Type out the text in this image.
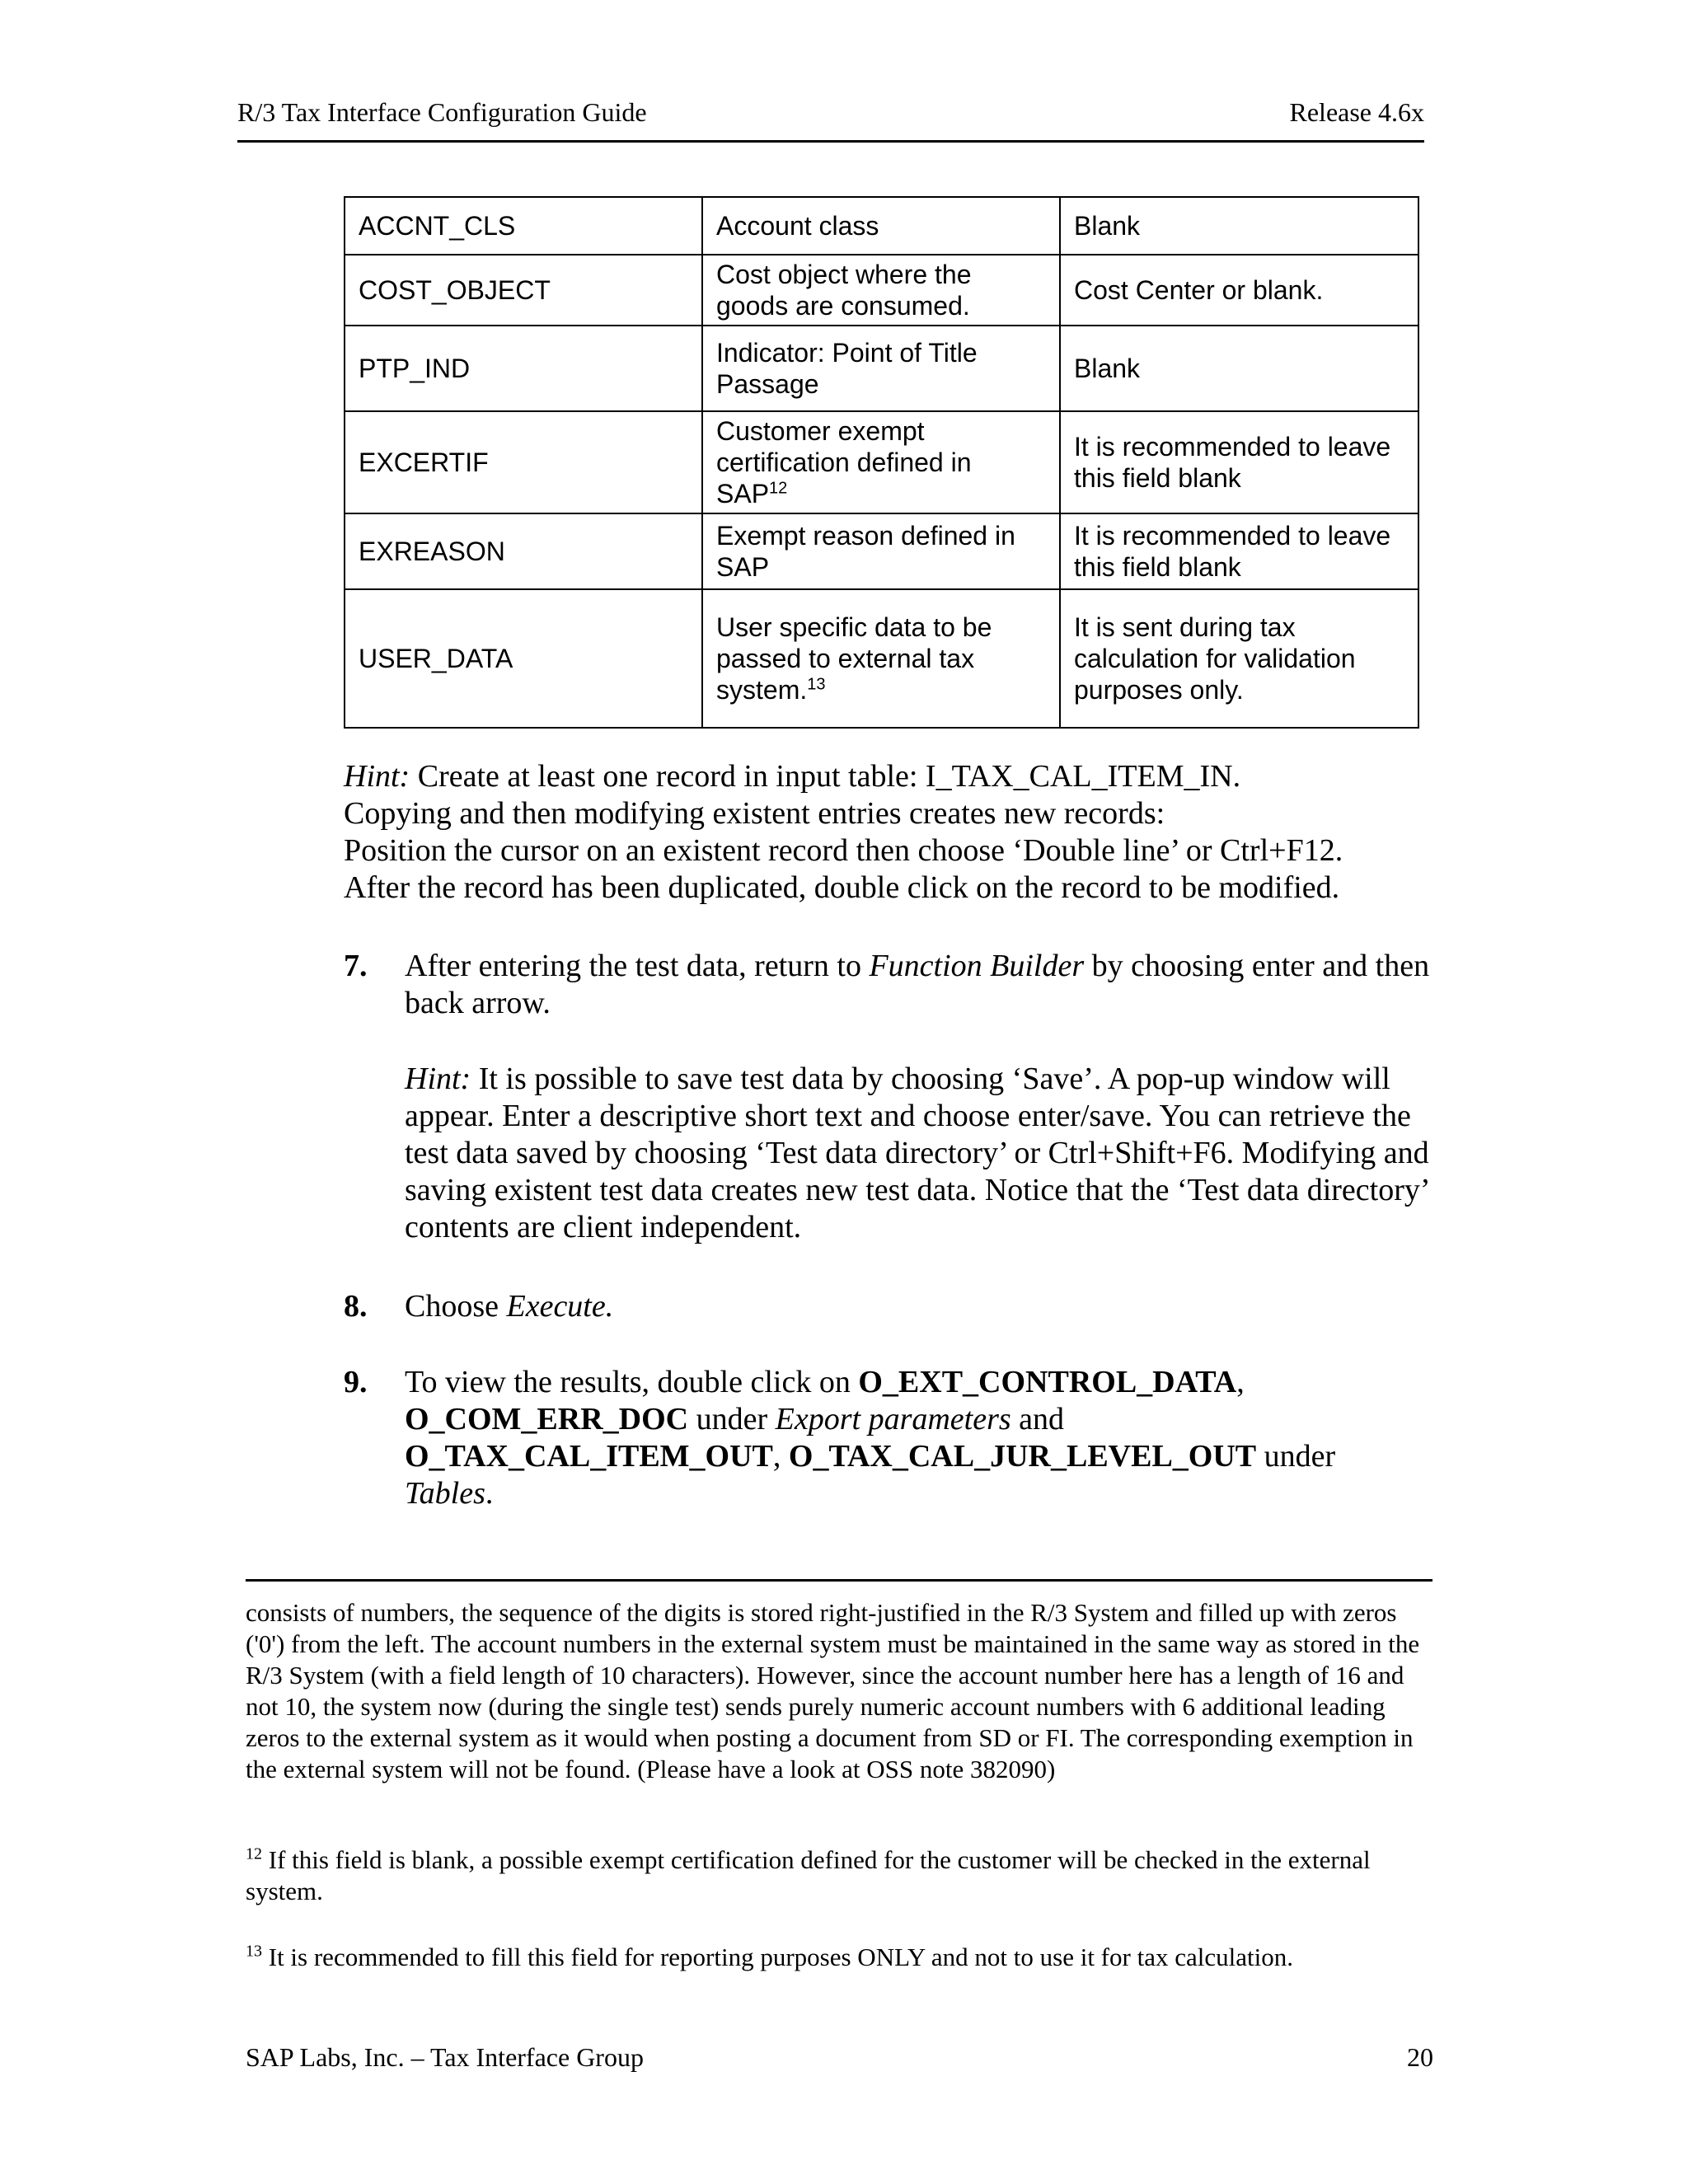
R/3 Tax Interface Configuration Guide	Release 4.6x
ACCNT_CLS	Account class	Blank
COST_OBJECT	Cost object where the goods are consumed.	Cost Center or blank.
PTP_IND	Indicator: Point of Title Passage	Blank
EXCERTIF	Customer exempt certification defined in SAP$^{12}$	It is recommended to leave this field blank
EXREASON	Exempt reason defined in SAP	It is recommended to leave this field blank
USER_DATA	User specific data to be passed to external tax system.$^{13}$	It is sent during tax calculation for validation purposes only.
Hint: Create at least one record in input table: I_TAX_CAL_ITEM_IN.
Copying and then modifying existent entries creates new records:
Position the cursor on an existent record then choose ‘Double line’ or Ctrl+F12.
After the record has been duplicated, double click on the record to be modified.
7. After entering the test data, return to Function Builder by choosing enter and then back arrow.
Hint: It is possible to save test data by choosing ‘Save’. A pop-up window will appear. Enter a descriptive short text and choose enter/save. You can retrieve the test data saved by choosing ‘Test data directory’ or Ctrl+Shift+F6. Modifying and saving existent test data creates new test data. Notice that the ‘Test data directory’ contents are client independent.
8. Choose Execute.
9. To view the results, double click on O_EXT_CONTROL_DATA,
O_COM_ERR_DOC under Export parameters and
O_TAX_CAL_ITEM_OUT, O_TAX_CAL_JUR_LEVEL_OUT under
Tables.
consists of numbers, the sequence of the digits is stored right-justified in the R/3 System and filled up with zeros ('0') from the left. The account numbers in the external system must be maintained in the same way as stored in the R/3 System (with a field length of 10 characters). However, since the account number here has a length of 16 and not 10, the system now (during the single test) sends purely numeric account numbers with 6 additional leading zeros to the external system as it would when posting a document from SD or FI. The corresponding exemption in the external system will not be found. (Please have a look at OSS note 382090)
$^{12}$ If this field is blank, a possible exempt certification defined for the customer will be checked in the external system.
$^{13}$ It is recommended to fill this field for reporting purposes ONLY and not to use it for tax calculation.
SAP Labs, Inc. – Tax Interface Group	20
